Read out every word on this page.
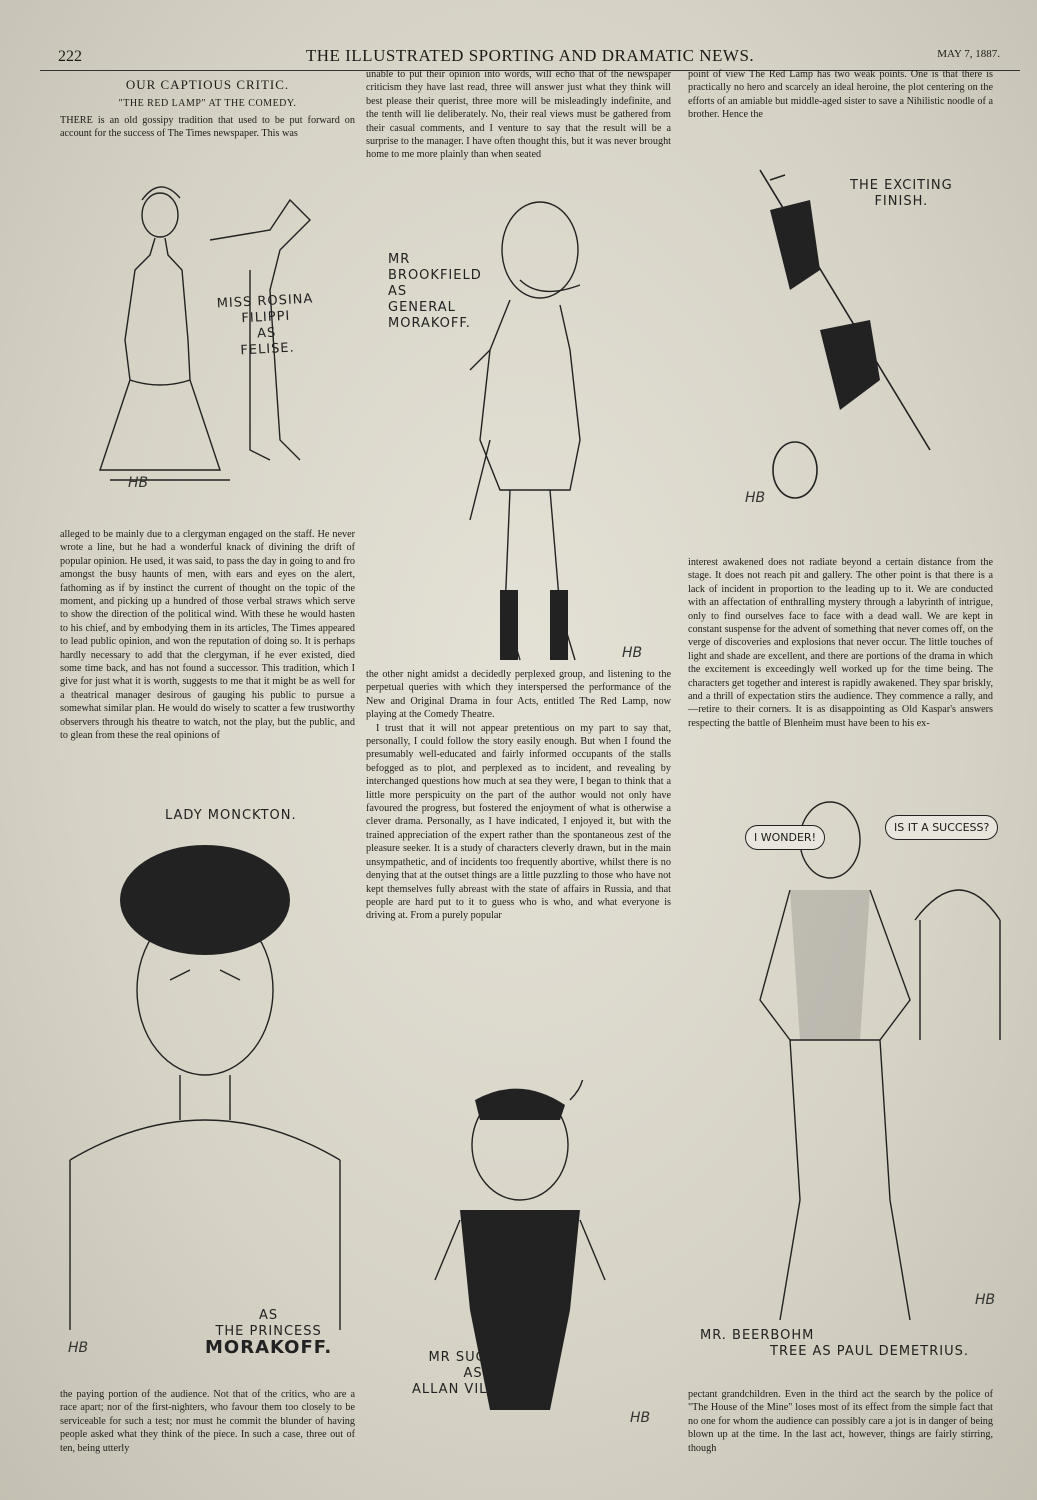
222	THE ILLUSTRATED SPORTING AND DRAMATIC NEWS.	MAY 7, 1887.
OUR CAPTIOUS CRITIC.
"THE RED LAMP" AT THE COMEDY.

THERE is an old gossipy tradition that used to be put forward on account for the success of The Times newspaper. This was

alleged to be mainly due to a clergyman engaged on the staff. He never wrote a line, but he had a wonderful knack of divining the drift of popular opinion. He used, it was said, to pass the day in going to and fro amongst the busy haunts of men, with ears and eyes on the alert, fathoming as if by instinct the current of thought on the topic of the moment, and picking up a hundred of those verbal straws which serve to show the direction of the political wind. With these he would hasten to his chief, and by embodying them in its articles, The Times appeared to lead public opinion, and won the reputation of doing so. It is perhaps hardly necessary to add that the clergyman, if he ever existed, died some time back, and has not found a successor. This tradition, which I give for just what it is worth, suggests to me that it might be as well for a theatrical manager desirous of gauging his public to pursue a somewhat similar plan. He would do wisely to scatter a few trustworthy observers through his theatre to watch, not the play, but the public, and to glean from these the real opinions of

the paying portion of the audience. Not that of the critics, who are a race apart; nor of the first-nighters, who favour them too closely to be serviceable for such a test; nor must he commit the blunder of having people asked what they think of the piece. In such a case, three out of ten, being utterly

unable to put their opinion into words, will echo that of the newspaper criticism they have last read, three will answer just what they think will best please their querist, three more will be misleadingly indefinite, and the tenth will lie deliberately. No, their real views must be gathered from their casual comments, and I venture to say that the result will be a surprise to the manager. I have often thought this, but it was never brought home to me more plainly than when seated

the other night amidst a decidedly perplexed group, and listening to the perpetual queries with which they interspersed the performance of the New and Original Drama in four Acts, entitled The Red Lamp, now playing at the Comedy Theatre.

I trust that it will not appear pretentious on my part to say that, personally, I could follow the story easily enough. But when I found the presumably well-educated and fairly informed occupants of the stalls befogged as to plot, and perplexed as to incident, and revealing by interchanged questions how much at sea they were, I began to think that a little more perspicuity on the part of the author would not only have favoured the progress, but fostered the enjoyment of what is otherwise a clever drama. Personally, as I have indicated, I enjoyed it, but with the trained appreciation of the expert rather than the spontaneous zest of the pleasure seeker. It is a study of characters cleverly drawn, but in the main unsympathetic, and of incidents too frequently abortive, whilst there is no denying that at the outset things are a little puzzling to those who have not kept themselves fully abreast with the state of affairs in Russia, and that people are hard put to it to guess who is who, and what everyone is driving at. From a purely popular

point of view The Red Lamp has two weak points. One is that there is practically no hero and scarcely an ideal heroine, the plot centering on the efforts of an amiable but middle-aged sister to save a Nihilistic noodle of a brother. Hence the

interest awakened does not radiate beyond a certain distance from the stage. It does not reach pit and gallery. The other point is that there is a lack of incident in proportion to the leading up to it. We are conducted with an affectation of enthralling mystery through a labyrinth of intrigue, only to find ourselves face to face with a dead wall. We are kept in constant suspense for the advent of something that never comes off, on the verge of discoveries and explosions that never occur. The little touches of light and shade are excellent, and there are portions of the drama in which the excitement is exceedingly well worked up for the time being. The characters get together and interest is rapidly awakened. They spar briskly, and a thrill of expectation stirs the audience. They commence a rally, and—retire to their corners. It is as disappointing as Old Kaspar's answers respecting the battle of Blenheim must have been to his ex-

pectant grandchildren. Even in the third act the search by the police of "The House of the Mine" loses most of its effect from the simple fact that no one for whom the audience can possibly care a jot is in danger of being blown up at the time. In the last act, however, things are fairly stirring, though

MISS ROSINA
FILIPPI
AS
FELISE.
MR
BROOKFIELD
AS
GENERAL
MORAKOFF.
THE EXCITING
FINISH.
LADY MONCKTON.
AS
THE PRINCESS
MORAKOFF.	MR SUGDEN
AS
ALLAN VILLIERS.
I WONDER!
IS IT A SUCCESS?
MR. BEERBOHM
TREE AS PAUL DEMETRIUS.
HB
HB
HB
HB
HB
HB
